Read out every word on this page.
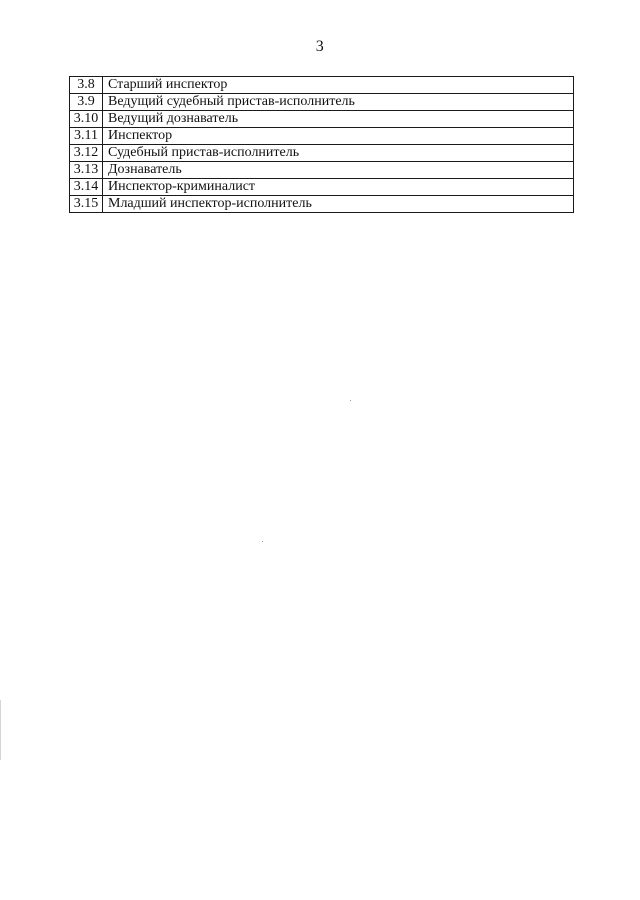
3
3.8	Старший инспектор
3.9	Ведущий судебный пристав-исполнитель
3.10	Ведущий дознаватель
3.11	Инспектор
3.12	Судебный пристав-исполнитель
3.13	Дознаватель
3.14	Инспектор-криминалист
3.15	Младший инспектор-исполнитель
